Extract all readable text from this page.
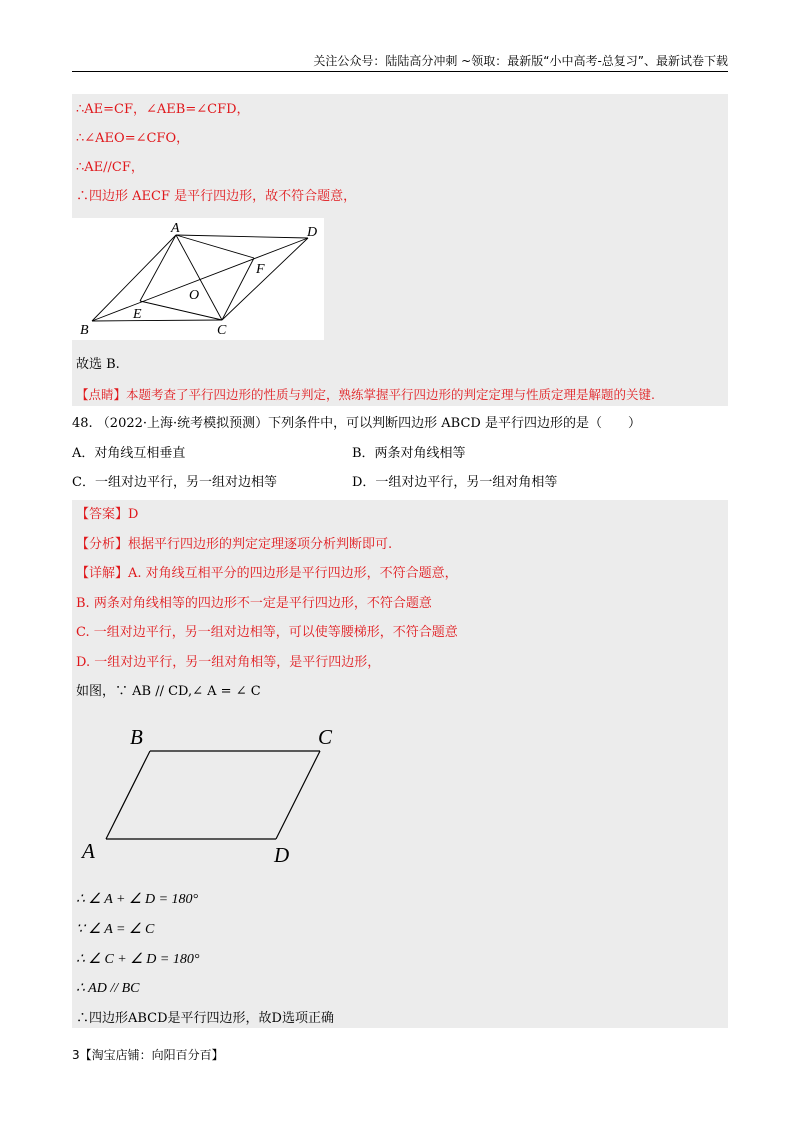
关注公众号：陆陆高分冲刺 ~领取：最新版“小中高考-总复习”、最新试卷下载
∴AE=CF，∠AEB=∠CFD，
∴∠AEO=∠CFO，
∴AE//CF，
∴四边形 AECF 是平行四边形，故不符合题意，
A	D
F
O
B
E
C
故选 B.
【点睛】本题考查了平行四边形的性质与判定，熟练掌握平行四边形的判定定理与性质定理是解题的关键.
48. （2022·上海·统考模拟预测）下列条件中，可以判断四边形 ABCD 是平行四边形的是（　　）
A．对角线互相垂直	B．两条对角线相等
C．一组对边平行，另一组对边相等	D．一组对边平行，另一组对角相等
【答案】D
【分析】根据平行四边形的判定定理逐项分析判断即可.
【详解】A. 对角线互相平分的四边形是平行四边形，不符合题意，
B. 两条对角线相等的四边形不一定是平行四边形，不符合题意
C. 一组对边平行，另一组对边相等，可以使等腰梯形，不符合题意
D. 一组对边平行，另一组对角相等，是平行四边形，
如图，∵ AB // CD,∠ A = ∠ C
B	C
A	D
∴ ∠ A + ∠ D = 180°
∵ ∠ A = ∠ C
∴ ∠ C + ∠ D = 180°
∴ AD // BC
∴四边形ABCD是平行四边形，故D选项正确
3【淘宝店铺：向阳百分百】
